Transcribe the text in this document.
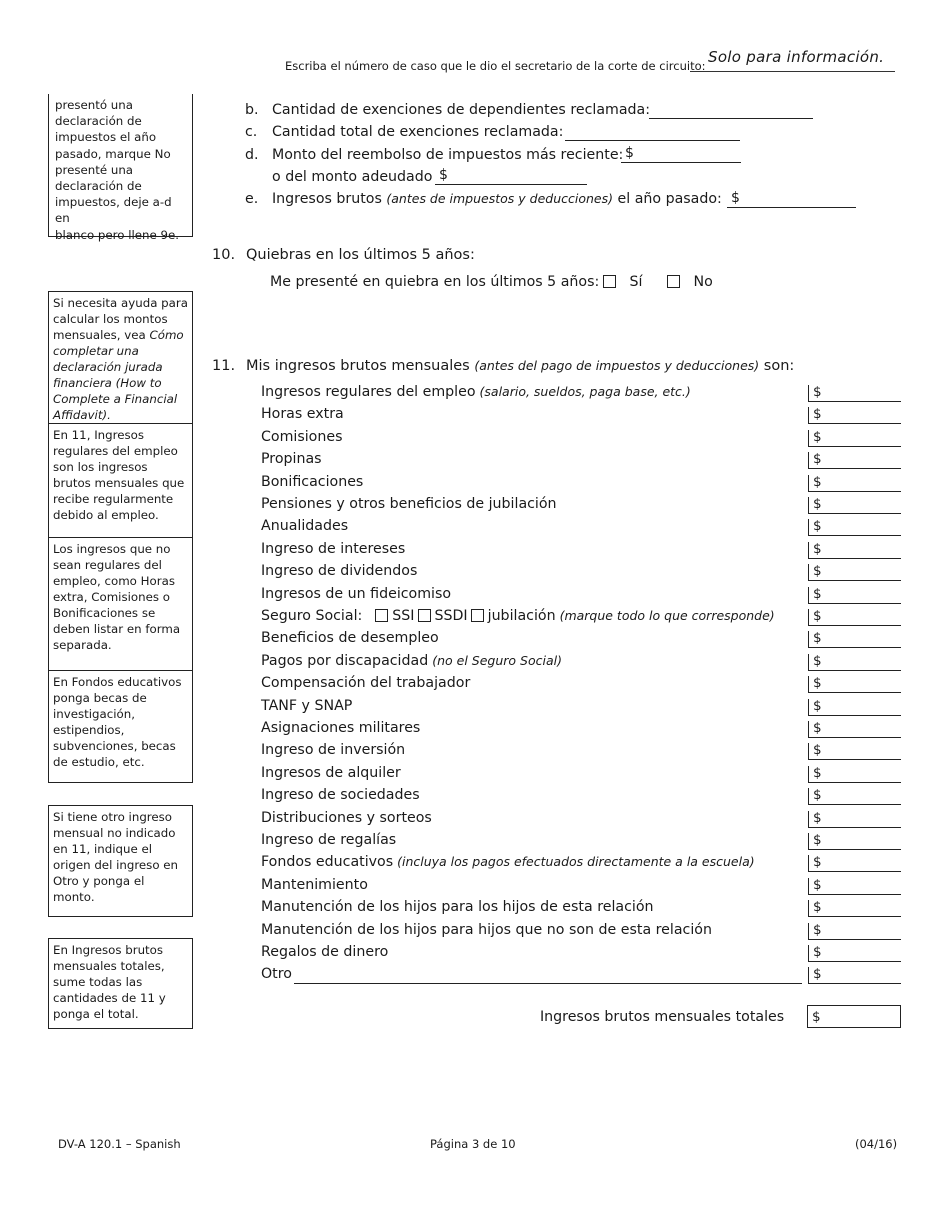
Escriba el número de caso que le dio el secretario de la corte de circuito: Solo para información.
presentó una
declaración de
impuestos el año
pasado, marque No
presenté una
declaración de
impuestos, deje a-d en
blanco pero llene 9e.
Si necesita ayuda para calcular los montos mensuales, vea Cómo completar una declaración jurada financiera (How to Complete a Financial Affidavit).
En 11, Ingresos regulares del empleo son los ingresos brutos mensuales que recibe regularmente debido al empleo.
Los ingresos que no sean regulares del empleo, como Horas extra, Comisiones o Bonificaciones se deben listar en forma separada.
En Fondos educativos ponga becas de investigación, estipendios, subvenciones, becas de estudio, etc.
Si tiene otro ingreso mensual no indicado en 11, indique el origen del ingreso en Otro y ponga el monto.
En Ingresos brutos mensuales totales, sume todas las cantidades de 11 y ponga el total.
b. Cantidad de exenciones de dependientes reclamada:
c. Cantidad total de exenciones reclamada:
d. Monto del reembolso de impuestos más reciente: $
o del monto adeudado $
e. Ingresos brutos (antes de impuestos y deducciones) el año pasado: $
10. Quiebras en los últimos 5 años:
Me presenté en quiebra en los últimos 5 años:	Sí	No
11. Mis ingresos brutos mensuales (antes del pago de impuestos y deducciones) son:
Ingresos regulares del empleo (salario, sueldos, paga base, etc.)	$
Horas extra	$
Comisiones	$
Propinas	$
Bonificaciones	$
Pensiones y otros beneficios de jubilación	$
Anualidades	$
Ingreso de intereses	$
Ingreso de dividendos	$
Ingresos de un fideicomiso	$
Seguro Social: SSI SSDI jubilación (marque todo lo que corresponde)	$
Beneficios de desempleo	$
Pagos por discapacidad (no el Seguro Social)	$
Compensación del trabajador	$
TANF y SNAP	$
Asignaciones militares	$
Ingreso de inversión	$
Ingresos de alquiler	$
Ingreso de sociedades	$
Distribuciones y sorteos	$
Ingreso de regalías	$
Fondos educativos (incluya los pagos efectuados directamente a la escuela)	$
Mantenimiento	$
Manutención de los hijos para los hijos de esta relación	$
Manutención de los hijos para hijos que no son de esta relación	$
Regalos de dinero	$
Otro	$
Ingresos brutos mensuales totales	$
DV-A 120.1 – Spanish	Página 3 de 10	(04/16)
